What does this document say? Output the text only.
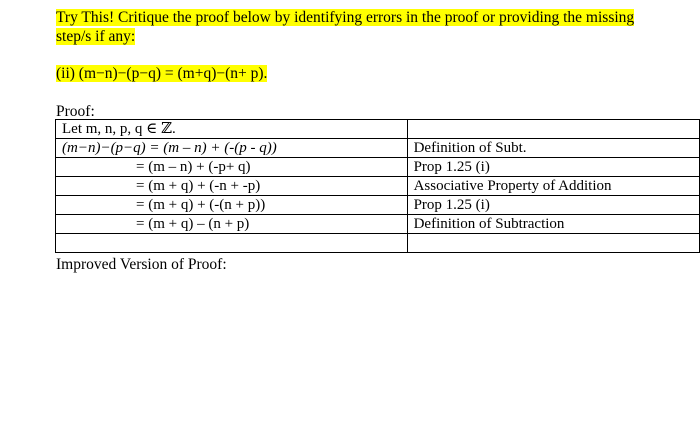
Try This! Critique the proof below by identifying errors in the proof or providing the missing
step/s if any:
(ii) (m−n)−(p−q) = (m+q)−(n+ p).
Proof:
Let m, n, p, q ∈ ℤ.	
(m−n)−(p−q) = (m – n) + (-(p - q))	Definition of Subt.
= (m – n) + (-p+ q)	Prop 1.25 (i)
= (m + q) + (-n + -p)	Associative Property of Addition
= (m + q) + (-(n + p))	Prop 1.25 (i)
= (m + q) – (n + p)	Definition of Subtraction

Improved Version of Proof:
